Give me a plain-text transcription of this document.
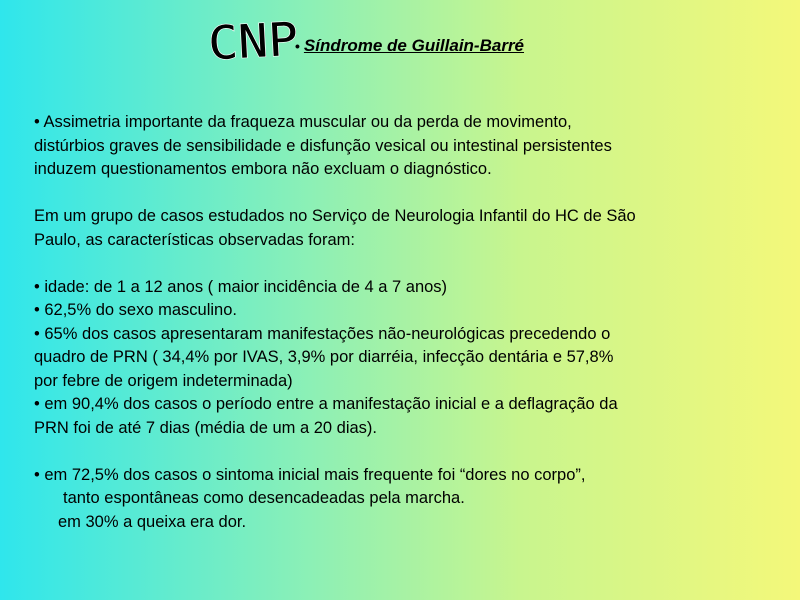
CNP • Síndrome de Guillain-Barré

• Assimetria importante da fraqueza muscular ou da perda de movimento,

distúrbios graves de sensibilidade e disfunção vesical ou intestinal persistentes

induzem questionamentos embora não excluam o diagnóstico.

Em um grupo de casos estudados no Serviço de Neurologia Infantil do HC de São

Paulo, as características observadas foram:

• idade: de 1 a 12 anos ( maior incidência de 4 a 7 anos)

• 62,5% do sexo masculino.

• 65% dos casos apresentaram manifestações não-neurológicas precedendo o

quadro de PRN ( 34,4% por IVAS, 3,9% por diarréia, infecção dentária e 57,8%

por febre de origem indeterminada)

• em 90,4% dos casos o período entre a manifestação inicial e a deflagração da

PRN foi de até 7 dias (média de um a 20 dias).

• em 72,5% dos casos o sintoma inicial mais frequente foi “dores no corpo”,

tanto espontâneas como desencadeadas pela marcha.

em 30% a queixa era dor.
